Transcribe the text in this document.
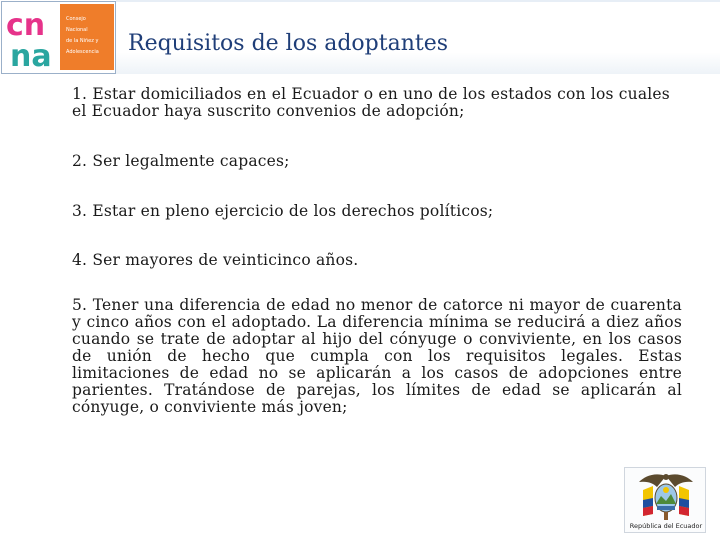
cn
na
Consejo
Nacional
de la Niñez y
Adolescencia Requisitos de los adoptantes

1. Estar domiciliados en el Ecuador o en uno de los estados con los cuales el Ecuador haya suscrito convenios de adopción;

2. Ser legalmente capaces;

3. Estar en pleno ejercicio de los derechos políticos;

4. Ser mayores de veinticinco años.

5. Tener una diferencia de edad no menor de catorce ni mayor de cuarenta y cinco años con el adoptado. La diferencia mínima se reducirá a diez años cuando se trate de adoptar al hijo del cónyuge o conviviente, en los casos de unión de hecho que cumpla con los requisitos legales. Estas limitaciones de edad no se aplicarán a los casos de adopciones entre parientes. Tratándose de parejas, los límites de edad se aplicarán al cónyuge, o conviviente más joven;

República del Ecuador
